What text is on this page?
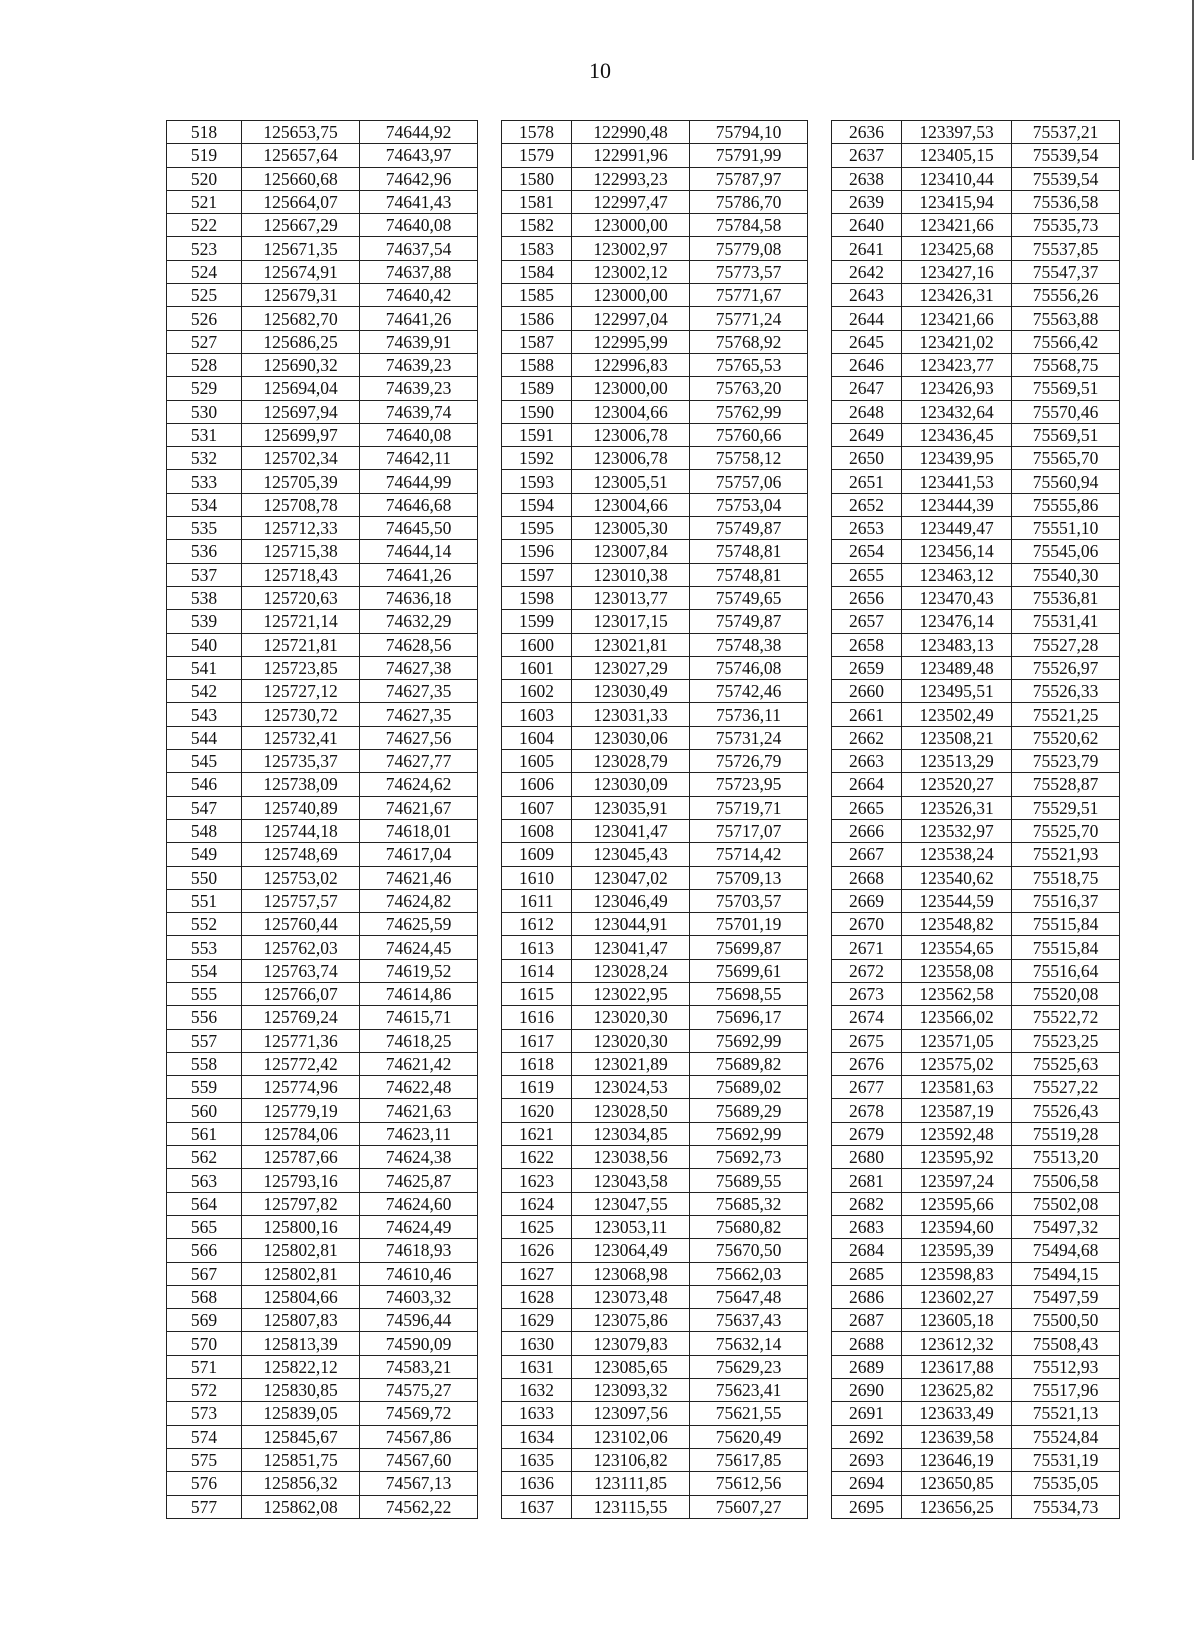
10
518	125653,75	74644,92		1578	122990,48	75794,10		2636	123397,53	75537,21
519	125657,64	74643,97		1579	122991,96	75791,99		2637	123405,15	75539,54
520	125660,68	74642,96		1580	122993,23	75787,97		2638	123410,44	75539,54
521	125664,07	74641,43		1581	122997,47	75786,70		2639	123415,94	75536,58
522	125667,29	74640,08		1582	123000,00	75784,58		2640	123421,66	75535,73
523	125671,35	74637,54		1583	123002,97	75779,08		2641	123425,68	75537,85
524	125674,91	74637,88		1584	123002,12	75773,57		2642	123427,16	75547,37
525	125679,31	74640,42		1585	123000,00	75771,67		2643	123426,31	75556,26
526	125682,70	74641,26		1586	122997,04	75771,24		2644	123421,66	75563,88
527	125686,25	74639,91		1587	122995,99	75768,92		2645	123421,02	75566,42
528	125690,32	74639,23		1588	122996,83	75765,53		2646	123423,77	75568,75
529	125694,04	74639,23		1589	123000,00	75763,20		2647	123426,93	75569,51
530	125697,94	74639,74		1590	123004,66	75762,99		2648	123432,64	75570,46
531	125699,97	74640,08		1591	123006,78	75760,66		2649	123436,45	75569,51
532	125702,34	74642,11		1592	123006,78	75758,12		2650	123439,95	75565,70
533	125705,39	74644,99		1593	123005,51	75757,06		2651	123441,53	75560,94
534	125708,78	74646,68		1594	123004,66	75753,04		2652	123444,39	75555,86
535	125712,33	74645,50		1595	123005,30	75749,87		2653	123449,47	75551,10
536	125715,38	74644,14		1596	123007,84	75748,81		2654	123456,14	75545,06
537	125718,43	74641,26		1597	123010,38	75748,81		2655	123463,12	75540,30
538	125720,63	74636,18		1598	123013,77	75749,65		2656	123470,43	75536,81
539	125721,14	74632,29		1599	123017,15	75749,87		2657	123476,14	75531,41
540	125721,81	74628,56		1600	123021,81	75748,38		2658	123483,13	75527,28
541	125723,85	74627,38		1601	123027,29	75746,08		2659	123489,48	75526,97
542	125727,12	74627,35		1602	123030,49	75742,46		2660	123495,51	75526,33
543	125730,72	74627,35		1603	123031,33	75736,11		2661	123502,49	75521,25
544	125732,41	74627,56		1604	123030,06	75731,24		2662	123508,21	75520,62
545	125735,37	74627,77		1605	123028,79	75726,79		2663	123513,29	75523,79
546	125738,09	74624,62		1606	123030,09	75723,95		2664	123520,27	75528,87
547	125740,89	74621,67		1607	123035,91	75719,71		2665	123526,31	75529,51
548	125744,18	74618,01		1608	123041,47	75717,07		2666	123532,97	75525,70
549	125748,69	74617,04		1609	123045,43	75714,42		2667	123538,24	75521,93
550	125753,02	74621,46		1610	123047,02	75709,13		2668	123540,62	75518,75
551	125757,57	74624,82		1611	123046,49	75703,57		2669	123544,59	75516,37
552	125760,44	74625,59		1612	123044,91	75701,19		2670	123548,82	75515,84
553	125762,03	74624,45		1613	123041,47	75699,87		2671	123554,65	75515,84
554	125763,74	74619,52		1614	123028,24	75699,61		2672	123558,08	75516,64
555	125766,07	74614,86		1615	123022,95	75698,55		2673	123562,58	75520,08
556	125769,24	74615,71		1616	123020,30	75696,17		2674	123566,02	75522,72
557	125771,36	74618,25		1617	123020,30	75692,99		2675	123571,05	75523,25
558	125772,42	74621,42		1618	123021,89	75689,82		2676	123575,02	75525,63
559	125774,96	74622,48		1619	123024,53	75689,02		2677	123581,63	75527,22
560	125779,19	74621,63		1620	123028,50	75689,29		2678	123587,19	75526,43
561	125784,06	74623,11		1621	123034,85	75692,99		2679	123592,48	75519,28
562	125787,66	74624,38		1622	123038,56	75692,73		2680	123595,92	75513,20
563	125793,16	74625,87		1623	123043,58	75689,55		2681	123597,24	75506,58
564	125797,82	74624,60		1624	123047,55	75685,32		2682	123595,66	75502,08
565	125800,16	74624,49		1625	123053,11	75680,82		2683	123594,60	75497,32
566	125802,81	74618,93		1626	123064,49	75670,50		2684	123595,39	75494,68
567	125802,81	74610,46		1627	123068,98	75662,03		2685	123598,83	75494,15
568	125804,66	74603,32		1628	123073,48	75647,48		2686	123602,27	75497,59
569	125807,83	74596,44		1629	123075,86	75637,43		2687	123605,18	75500,50
570	125813,39	74590,09		1630	123079,83	75632,14		2688	123612,32	75508,43
571	125822,12	74583,21		1631	123085,65	75629,23		2689	123617,88	75512,93
572	125830,85	74575,27		1632	123093,32	75623,41		2690	123625,82	75517,96
573	125839,05	74569,72		1633	123097,56	75621,55		2691	123633,49	75521,13
574	125845,67	74567,86		1634	123102,06	75620,49		2692	123639,58	75524,84
575	125851,75	74567,60		1635	123106,82	75617,85		2693	123646,19	75531,19
576	125856,32	74567,13		1636	123111,85	75612,56		2694	123650,85	75535,05
577	125862,08	74562,22		1637	123115,55	75607,27		2695	123656,25	75534,73
